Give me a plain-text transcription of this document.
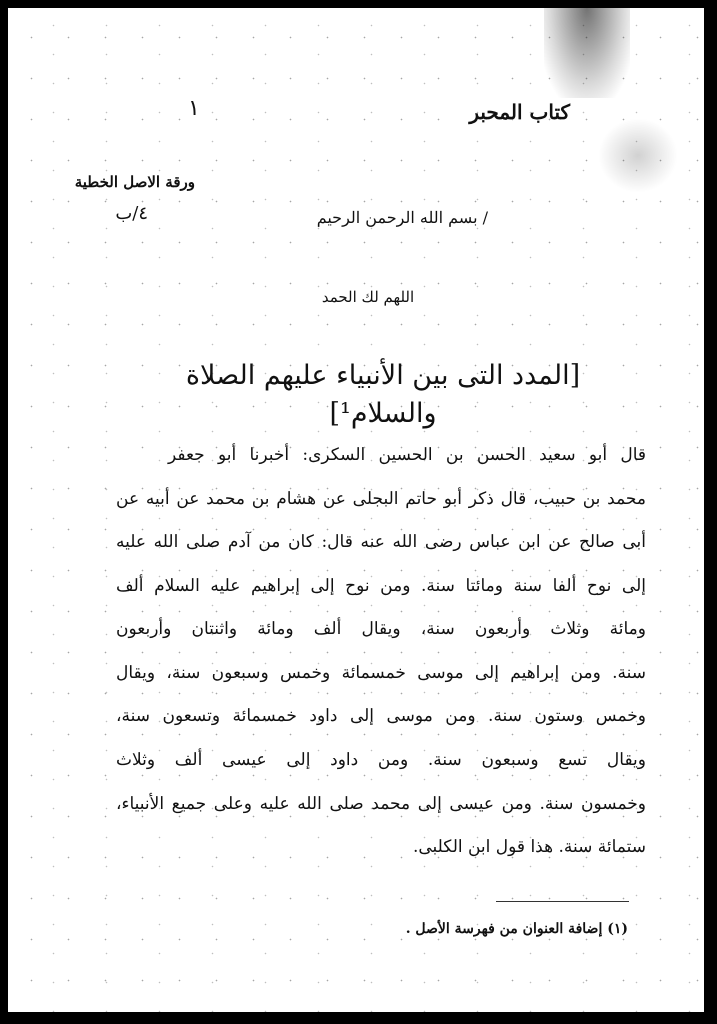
كتاب المحبر
١
ورقة الاصل الخطية
٤/ب	/ بسم الله الرحمن الرحيم
اللهم لك الحمد
[المدد التى بين الأنبياء عليهم الصلاة
والسلام¹]
قال أبو سعيد الحسن بن الحسين السكرى: أخبرنا أبو جعفر
محمد بن حبيب، قال ذكر أبو حاتم البجلى عن هشام بن محمد عن أبيه عن
أبى صالح عن ابن عباس رضى الله عنه قال: كان من آدم صلى الله عليه
إلى نوح ألفا سنة ومائتا سنة. ومن نوح إلى إبراهيم عليه السلام ألف
ومائة وثلاث وأربعون سنة، ويقال ألف ومائة واثنتان وأربعون
سنة. ومن إبراهيم إلى موسى خمسمائة وخمس وسبعون سنة، ويقال
وخمس وستون سنة. ومن موسى إلى داود خمسمائة وتسعون سنة،
ويقال تسع وسبعون سنة. ومن داود إلى عيسى ألف وثلاث
وخمسون سنة. ومن عيسى إلى محمد صلى الله عليه وعلى جميع الأنبياء،
ستمائة سنة. هذا قول ابن الكلبى.
(١) إضافة العنوان من فهرسة الأصل .
